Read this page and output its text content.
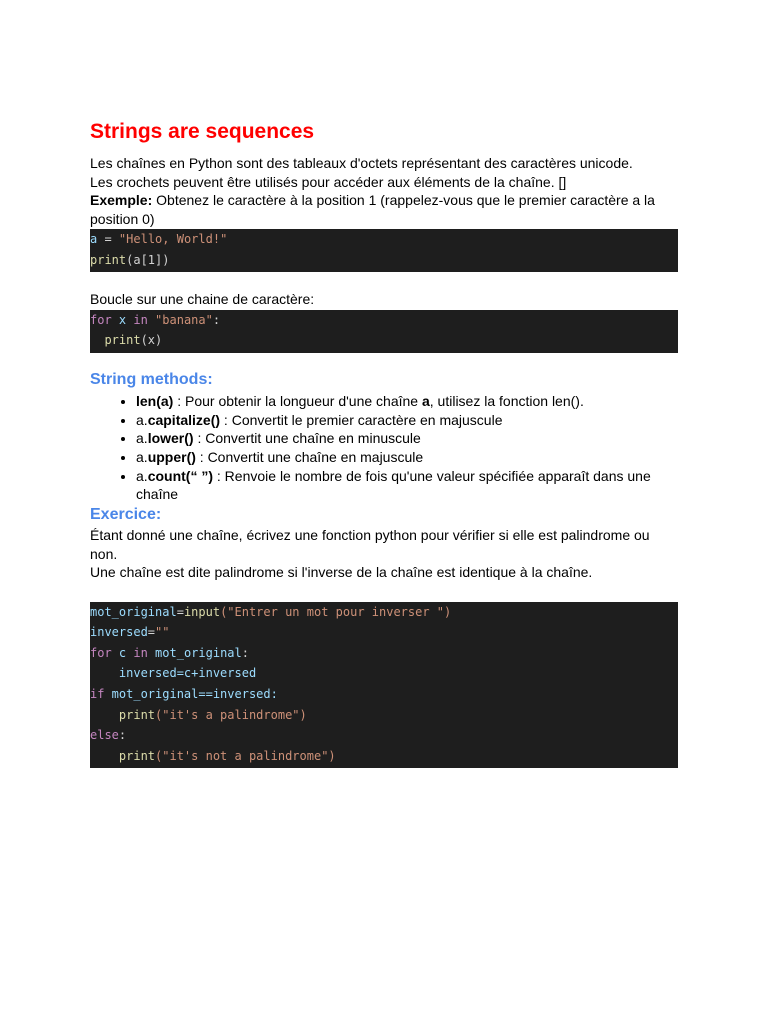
Strings are sequences

Les chaînes en Python sont des tableaux d'octets représentant des caractères unicode.

Les crochets peuvent être utilisés pour accéder aux éléments de la chaîne. []

Exemple: Obtenez le caractère à la position 1 (rappelez-vous que le premier caractère a la position 0)

a = "Hello, World!"
print(a[1])

Boucle sur une chaine de caractère:

for x in "banana":
print(x)
String methods:
• len(a) : Pour obtenir la longueur d'une chaîne a, utilisez la fonction len().
• a.capitalize() : Convertit le premier caractère en majuscule
• a.lower() : Convertit une chaîne en minuscule
• a.upper() : Convertit une chaîne en majuscule
• a.count(“ ”) : Renvoie le nombre de fois qu'une valeur spécifiée apparaît dans une chaîne
Exercice:

Étant donné une chaîne, écrivez une fonction python pour vérifier si elle est palindrome ou non.

Une chaîne est dite palindrome si l'inverse de la chaîne est identique à la chaîne.

mot_original=input("Entrer un mot pour inverser ")
inversed=""
for c in mot_original:
inversed=c+inversed
if mot_original==inversed:
print("it's a palindrome")
else:
print("it's not a palindrome")
